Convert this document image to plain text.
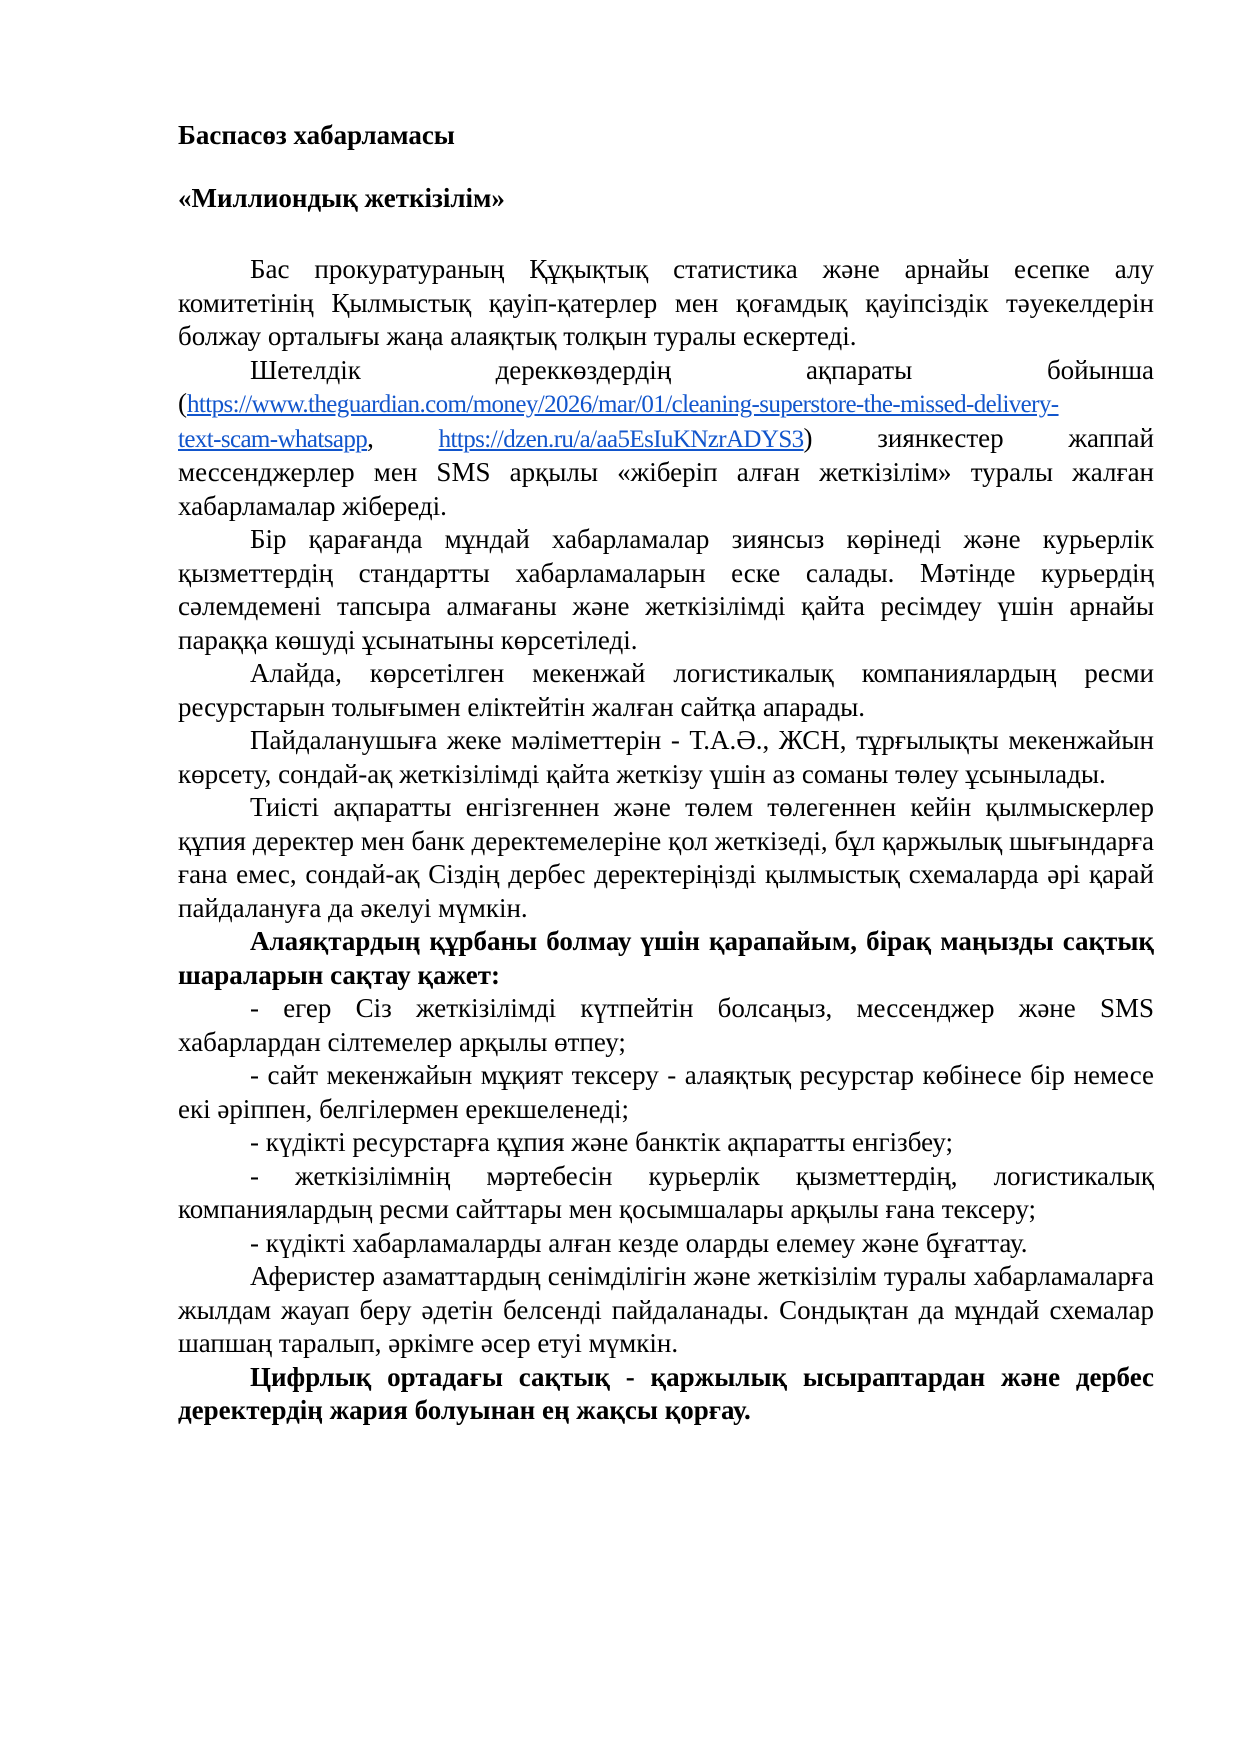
Баспасөз хабарламасы

«Миллиондық жеткізілім»

Бас прокуратураның Құқықтық статистика және арнайы есепке алу комитетінің Қылмыстық қауіп-қатерлер мен қоғамдық қауіпсіздік тәуекелдерін болжау орталығы жаңа алаяқтық толқын туралы ескертеді.

Шетелдік	дереккөздердің	ақпараты	бойынша
(https://www.theguardian.com/money/2026/mar/01/cleaning-superstore-the-missed-delivery-
text-scam-whatsapp,	https://dzen.ru/a/aa5EsIuKNzrADYS3) зиянкестер жаппай

мессенджерлер мен SMS арқылы «жіберіп алған жеткізілім» туралы жалған хабарламалар жібереді.

Бір қарағанда мұндай хабарламалар зиянсыз көрінеді және курьерлік қызметтердің стандартты хабарламаларын еске салады. Мәтінде курьердің сәлемдемені тапсыра алмағаны және жеткізілімді қайта ресімдеу үшін арнайы параққа көшуді ұсынатыны көрсетіледі.

Алайда, көрсетілген мекенжай логистикалық компаниялардың ресми ресурстарын толығымен еліктейтін жалған сайтқа апарады.

Пайдаланушыға жеке мәліметтерін - Т.А.Ә., ЖСН, тұрғылықты мекенжайын көрсету, сондай-ақ жеткізілімді қайта жеткізу үшін аз соманы төлеу ұсынылады.

Тиісті ақпаратты енгізгеннен және төлем төлегеннен кейін қылмыскерлер құпия деректер мен банк деректемелеріне қол жеткізеді, бұл қаржылық шығындарға ғана емес, сондай-ақ Сіздің дербес деректеріңізді қылмыстық схемаларда әрі қарай пайдалануға да әкелуі мүмкін.

Алаяқтардың құрбаны болмау үшін қарапайым, бірақ маңызды сақтық шараларын сақтау қажет:

- егер Сіз жеткізілімді күтпейтін болсаңыз, мессенджер және SMS хабарлардан сілтемелер арқылы өтпеу;

- сайт мекенжайын мұқият тексеру - алаяқтық ресурстар көбінесе бір немесе екі әріппен, белгілермен ерекшеленеді;

- күдікті ресурстарға құпия және банктік ақпаратты енгізбеу;

- жеткізілімнің мәртебесін курьерлік қызметтердің, логистикалық компаниялардың ресми сайттары мен қосымшалары арқылы ғана тексеру;

- күдікті хабарламаларды алған кезде оларды елемеу және бұғаттау.

Аферистер азаматтардың сенімділігін және жеткізілім туралы хабарламаларға жылдам жауап беру әдетін белсенді пайдаланады. Сондықтан да мұндай схемалар шапшаң таралып, әркімге әсер етуі мүмкін.

Цифрлық ортадағы сақтық - қаржылық ысыраптардан және дербес деректердің жария болуынан ең жақсы қорғау.
